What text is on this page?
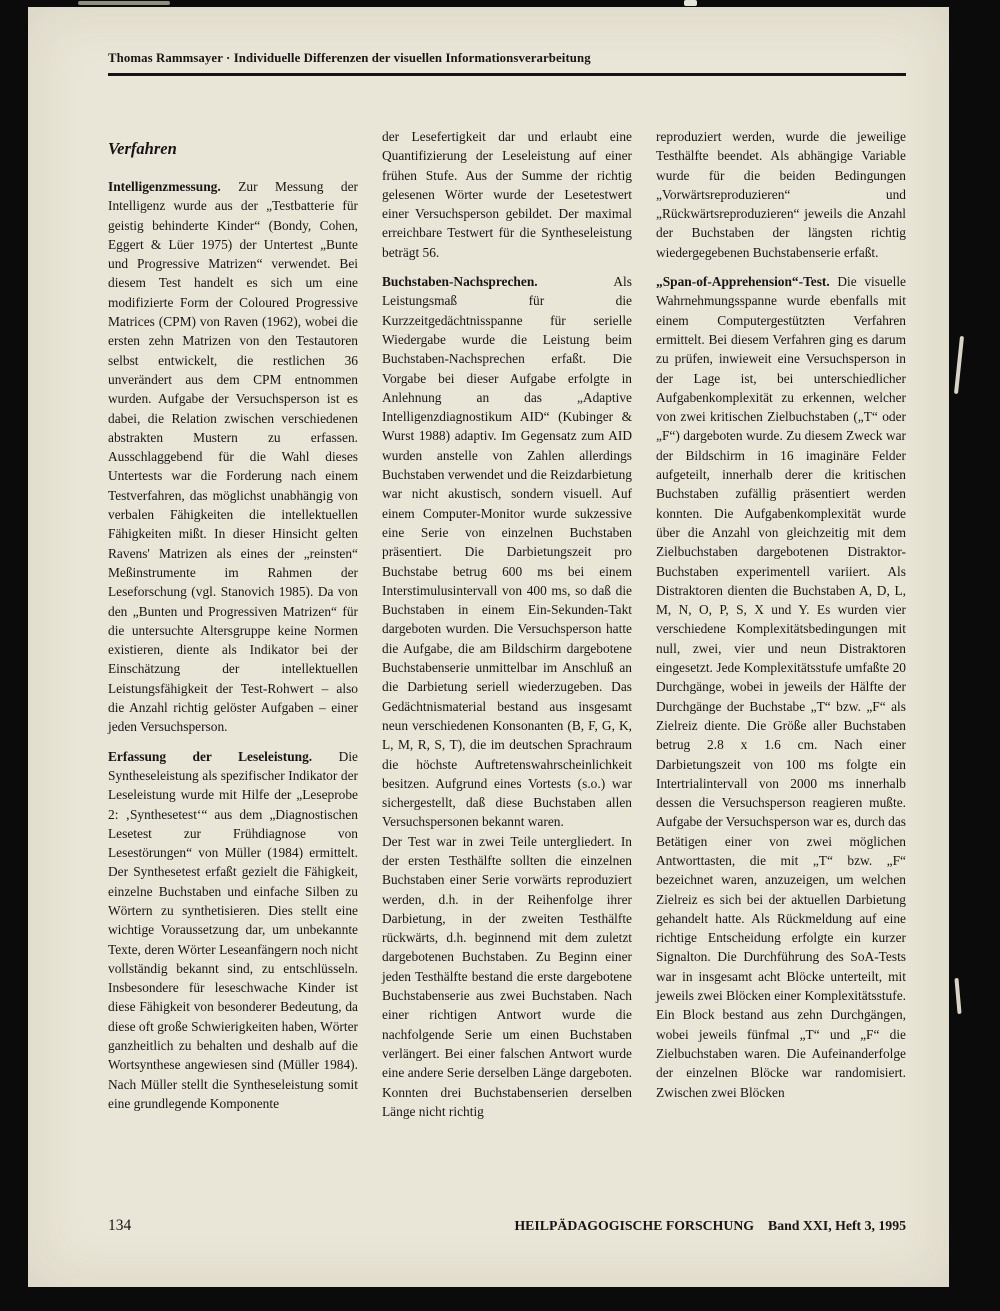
Thomas Rammsayer · Individuelle Differenzen der visuellen Informationsverarbeitung
Verfahren

Intelligenzmessung. Zur Messung der Intelligenz wurde aus der „Testbatterie für geistig behinderte Kinder“ (Bondy, Cohen, Eggert & Lüer 1975) der Untertest „Bunte und Progressive Matrizen“ verwendet. Bei diesem Test handelt es sich um eine modifizierte Form der Coloured Progressive Matrices (CPM) von Raven (1962), wobei die ersten zehn Matrizen von den Testautoren selbst entwickelt, die restlichen 36 unverändert aus dem CPM entnommen wurden. Aufgabe der Versuchsperson ist es dabei, die Relation zwischen verschiedenen abstrakten Mustern zu erfassen. Ausschlaggebend für die Wahl dieses Untertests war die Forderung nach einem Testverfahren, das möglichst unabhängig von verbalen Fähigkeiten die intellektuellen Fähigkeiten mißt. In dieser Hinsicht gelten Ravens' Matrizen als eines der „reinsten“ Meßinstrumente im Rahmen der Leseforschung (vgl. Stanovich 1985). Da von den „Bunten und Progressiven Matrizen“ für die untersuchte Altersgruppe keine Normen existieren, diente als Indikator bei der Einschätzung der intellektuellen Leistungsfähigkeit der Test-Rohwert – also die Anzahl richtig gelöster Aufgaben – einer jeden Versuchsperson.

Erfassung der Leseleistung. Die Syntheseleistung als spezifischer Indikator der Leseleistung wurde mit Hilfe der „Leseprobe 2: ‚Synthesetest‘“ aus dem „Diagnostischen Lesetest zur Frühdiagnose von Lesestörungen“ von Müller (1984) ermittelt. Der Synthesetest erfaßt gezielt die Fähigkeit, einzelne Buchstaben und einfache Silben zu Wörtern zu synthetisieren. Dies stellt eine wichtige Voraussetzung dar, um unbekannte Texte, deren Wörter Leseanfängern noch nicht vollständig bekannt sind, zu entschlüsseln. Insbesondere für leseschwache Kinder ist diese Fähigkeit von besonderer Bedeutung, da diese oft große Schwierigkeiten haben, Wörter ganzheitlich zu behalten und deshalb auf die Wortsynthese angewiesen sind (Müller 1984). Nach Müller stellt die Syntheseleistung somit eine grundlegende Komponente

der Lesefertigkeit dar und erlaubt eine Quantifizierung der Leseleistung auf einer frühen Stufe. Aus der Summe der richtig gelesenen Wörter wurde der Lesetestwert einer Versuchsperson gebildet. Der maximal erreichbare Testwert für die Syntheseleistung beträgt 56.

Buchstaben-Nachsprechen. Als Leistungsmaß für die Kurzzeitgedächtnisspanne für serielle Wiedergabe wurde die Leistung beim Buchstaben-Nachsprechen erfaßt. Die Vorgabe bei dieser Aufgabe erfolgte in Anlehnung an das „Adaptive Intelligenzdiagnostikum AID“ (Kubinger & Wurst 1988) adaptiv. Im Gegensatz zum AID wurden anstelle von Zahlen allerdings Buchstaben verwendet und die Reizdarbietung war nicht akustisch, sondern visuell. Auf einem Computer-Monitor wurde sukzessive eine Serie von einzelnen Buchstaben präsentiert. Die Darbietungszeit pro Buchstabe betrug 600 ms bei einem Interstimulusintervall von 400 ms, so daß die Buchstaben in einem Ein-Sekunden-Takt dargeboten wurden. Die Versuchsperson hatte die Aufgabe, die am Bildschirm dargebotene Buchstabenserie unmittelbar im Anschluß an die Darbietung seriell wiederzugeben. Das Gedächtnismaterial bestand aus insgesamt neun verschiedenen Konsonanten (B, F, G, K, L, M, R, S, T), die im deutschen Sprachraum die höchste Auftretenswahrscheinlichkeit besitzen. Aufgrund eines Vortests (s.o.) war sichergestellt, daß diese Buchstaben allen Versuchspersonen bekannt waren.

Der Test war in zwei Teile untergliedert. In der ersten Testhälfte sollten die einzelnen Buchstaben einer Serie vorwärts reproduziert werden, d.h. in der Reihenfolge ihrer Darbietung, in der zweiten Testhälfte rückwärts, d.h. beginnend mit dem zuletzt dargebotenen Buchstaben. Zu Beginn einer jeden Testhälfte bestand die erste dargebotene Buchstabenserie aus zwei Buchstaben. Nach einer richtigen Antwort wurde die nachfolgende Serie um einen Buchstaben verlängert. Bei einer falschen Antwort wurde eine andere Serie derselben Länge dargeboten. Konnten drei Buchstabenserien derselben Länge nicht richtig

reproduziert werden, wurde die jeweilige Testhälfte beendet. Als abhängige Variable wurde für die beiden Bedingungen „Vorwärtsreproduzieren“ und „Rückwärtsreproduzieren“ jeweils die Anzahl der Buchstaben der längsten richtig wiedergegebenen Buchstabenserie erfaßt.

„Span-of-Apprehension“-Test. Die visuelle Wahrnehmungsspanne wurde ebenfalls mit einem Computergestützten Verfahren ermittelt. Bei diesem Verfahren ging es darum zu prüfen, inwieweit eine Versuchsperson in der Lage ist, bei unterschiedlicher Aufgabenkomplexität zu erkennen, welcher von zwei kritischen Zielbuchstaben („T“ oder „F“) dargeboten wurde. Zu diesem Zweck war der Bildschirm in 16 imaginäre Felder aufgeteilt, innerhalb derer die kritischen Buchstaben zufällig präsentiert werden konnten. Die Aufgabenkomplexität wurde über die Anzahl von gleichzeitig mit dem Zielbuchstaben dargebotenen Distraktor-Buchstaben experimentell variiert. Als Distraktoren dienten die Buchstaben A, D, L, M, N, O, P, S, X und Y. Es wurden vier verschiedene Komplexitätsbedingungen mit null, zwei, vier und neun Distraktoren eingesetzt. Jede Komplexitätsstufe umfaßte 20 Durchgänge, wobei in jeweils der Hälfte der Durchgänge der Buchstabe „T“ bzw. „F“ als Zielreiz diente. Die Größe aller Buchstaben betrug 2.8 x 1.6 cm. Nach einer Darbietungszeit von 100 ms folgte ein Intertrialintervall von 2000 ms innerhalb dessen die Versuchsperson reagieren mußte. Aufgabe der Versuchsperson war es, durch das Betätigen einer von zwei möglichen Antworttasten, die mit „T“ bzw. „F“ bezeichnet waren, anzuzeigen, um welchen Zielreiz es sich bei der aktuellen Darbietung gehandelt hatte. Als Rückmeldung auf eine richtige Entscheidung erfolgte ein kurzer Signalton. Die Durchführung des SoA-Tests war in insgesamt acht Blöcke unterteilt, mit jeweils zwei Blöcken einer Komplexitätsstufe. Ein Block bestand aus zehn Durchgängen, wobei jeweils fünfmal „T“ und „F“ die Zielbuchstaben waren. Die Aufeinanderfolge der einzelnen Blöcke war randomisiert. Zwischen zwei Blöcken

134	HEILPÄDAGOGISCHE FORSCHUNG Band XXI, Heft 3, 1995
